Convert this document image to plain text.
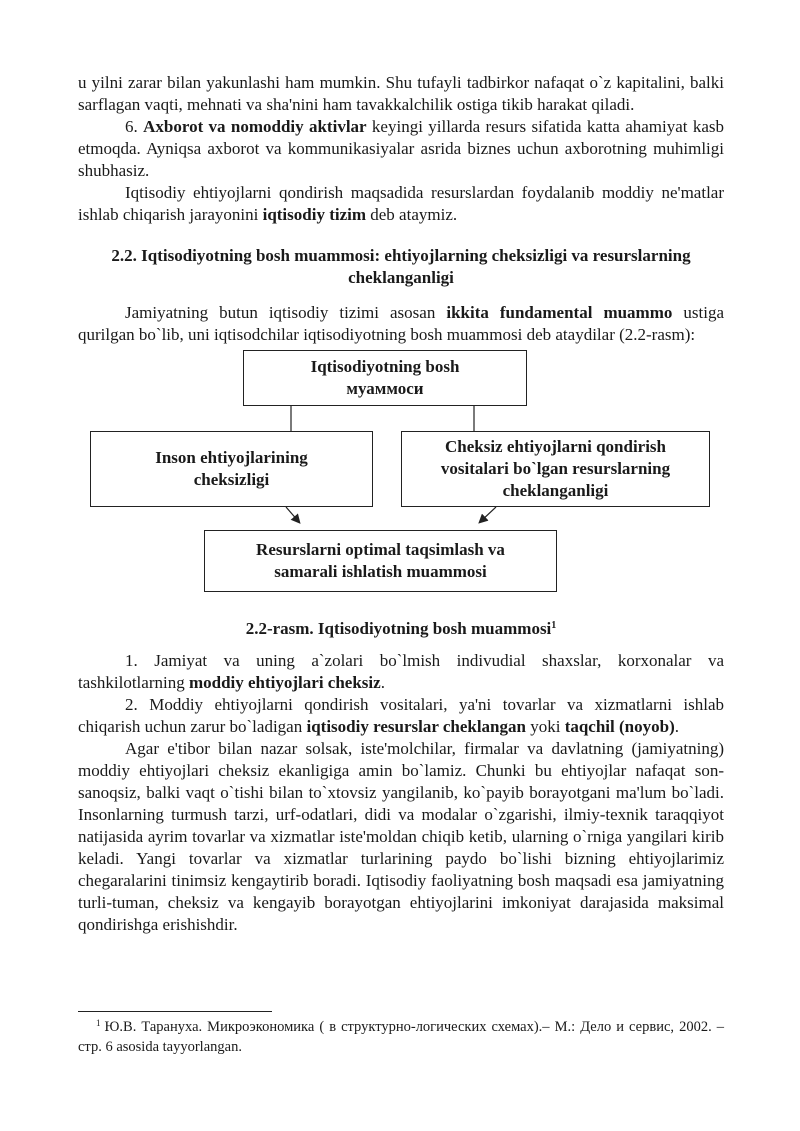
u yilni zarar bilan yakunlashi ham mumkin. Shu tufayli tadbirkor nafaqat o`z kapitalini, balki sarflagan vaqti, mehnati va sha'nini ham tavakkalchilik ostiga tikib harakat qiladi.

6. Axborot va nomoddiy aktivlar keyingi yillarda resurs sifatida katta ahamiyat kasb etmoqda. Ayniqsa axborot va kommunikasiyalar asrida biznes uchun axborotning muhimligi shubhasiz.

Iqtisodiy ehtiyojlarni qondirish maqsadida resurslardan foydalanib moddiy ne'matlar ishlab chiqarish jarayonini iqtisodiy tizim deb ataymiz.

2.2. Iqtisodiyotning bosh muammosi: ehtiyojlarning cheksizligi va resurslarning
cheklanganligi

Jamiyatning butun iqtisodiy tizimi asosan ikkita fundamental muammo ustiga qurilgan bo`lib, uni iqtisodchilar iqtisodiyotning bosh muammosi deb ataydilar (2.2-rasm):

Iqtisodiyotning bosh
муаммоси
Inson ehtiyojlarining
cheksizligi
Cheksiz ehtiyojlarni qondirish
vositalari bo`lgan resurslarning
cheklanganligi
Resurslarni optimal taqsimlash va
samarali ishlatish muammosi
2.2-rasm. Iqtisodiyotning bosh muammosi$^1$

1. Jamiyat va uning a`zolari bo`lmish indivudial shaxslar, korxonalar va tashkilotlarning moddiy ehtiyojlari cheksiz.

2. Moddiy ehtiyojlarni qondirish vositalari, ya'ni tovarlar va xizmatlarni ishlab chiqarish uchun zarur bo`ladigan iqtisodiy resurslar cheklangan yoki taqchil (noyob).

Agar e'tibor bilan nazar solsak, iste'molchilar, firmalar va davlatning (jamiyatning) moddiy ehtiyojlari cheksiz ekanligiga amin bo`lamiz. Chunki bu ehtiyojlar nafaqat son-sanoqsiz, balki vaqt o`tishi bilan to`xtovsiz yangilanib, ko`payib borayotgani ma'lum bo`ladi. Insonlarning turmush tarzi, urf-odatlari, didi va modalar o`zgarishi, ilmiy-texnik taraqqiyot natijasida ayrim tovarlar va xizmatlar iste'moldan chiqib ketib, ularning o`rniga yangilari kirib keladi. Yangi tovarlar va xizmatlar turlarining paydo bo`lishi bizning ehtiyojlarimiz chegaralarini tinimsiz kengaytirib boradi. Iqtisodiy faoliyatning bosh maqsadi esa jamiyatning turli-tuman, cheksiz va kengayib borayotgan ehtiyojlarini imkoniyat darajasida maksimal qondirishga erishishdir.

$^1$ Ю.В. Тарануха. Микроэкономика ( в структурно-логических схемах).– М.: Дело и сервис, 2002. – стр. 6 asosida tayyorlangan.
